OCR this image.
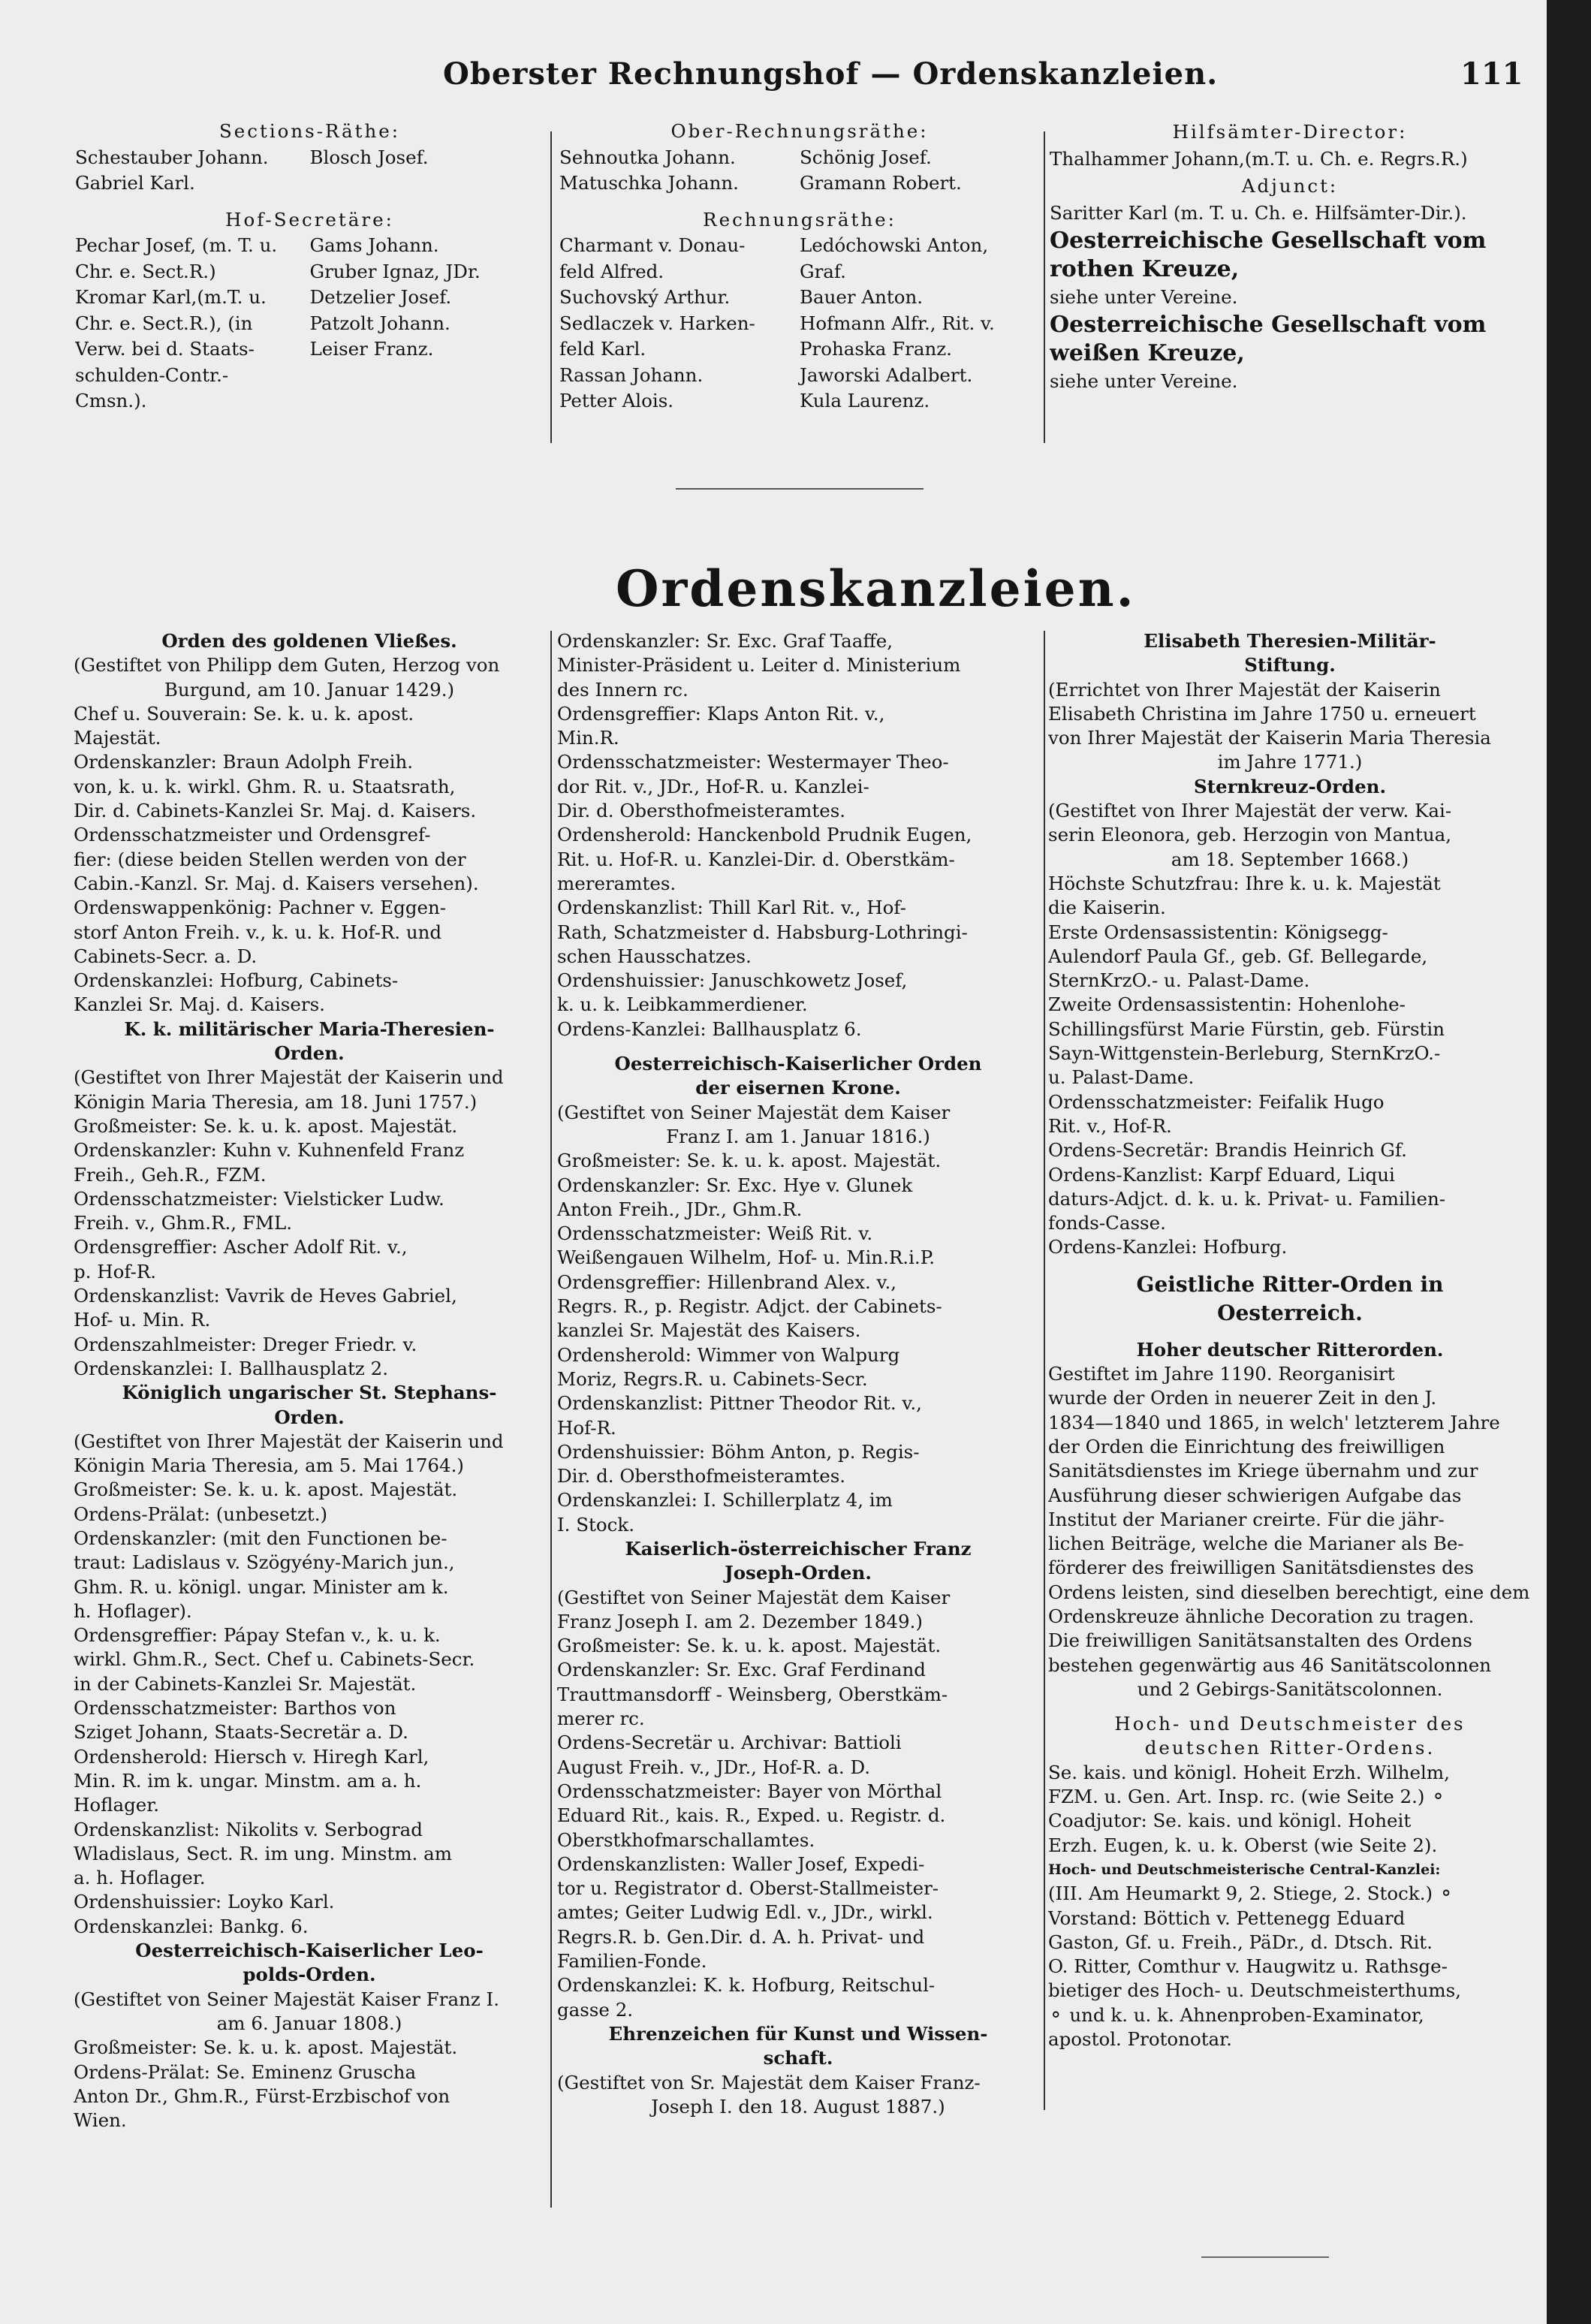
Oberster Rechnungshof — Ordenskanzleien.	111
Sections-Räthe:
Schestauber Johann.	Blosch Josef.
Gabriel Karl.
Hof-Secretäre:
Pechar Josef, (m. T. u.	Gams Johann.
Chr. e. Sect.R.)	Gruber Ignaz, JDr.
Kromar Karl,(m.T. u.	Detzelier Josef.
Chr. e. Sect.R.), (in	Patzolt Johann.
Verw. bei d. Staats-	Leiser Franz.
schulden-Contr.-
Cmsn.).
Ober-Rechnungsräthe:
Sehnoutka Johann.	Schönig Josef.
Matuschka Johann.	Gramann Robert.
Rechnungsräthe:
Charmant v. Donau-	Ledóchowski Anton,
feld Alfred.	Graf.
Suchovský Arthur.	Bauer Anton.
Sedlaczek v. Harken-	Hofmann Alfr., Rit. v.
feld Karl.	Prohaska Franz.
Rassan Johann.	Jaworski Adalbert.
Petter Alois.	Kula Laurenz.
Hilfsämter-Director:
Thalhammer Johann,(m.T. u. Ch. e. Regrs.R.)
Adjunct:
Saritter Karl (m. T. u. Ch. e. Hilfsämter-Dir.).
Oesterreichische Gesellschaft vom
rothen Kreuze,
siehe unter Vereine.
Oesterreichische Gesellschaft vom
weißen Kreuze,
siehe unter Vereine.
Ordenskanzleien.
Orden des goldenen Vließes.
(Gestiftet von Philipp dem Guten, Herzog von
Burgund, am 10. Januar 1429.)
Chef u. Souverain: Se. k. u. k. apost.
Majestät.
Ordenskanzler: Braun Adolph Freih.
von, k. u. k. wirkl. Ghm. R. u. Staatsrath,
Dir. d. Cabinets-Kanzlei Sr. Maj. d. Kaisers.
Ordensschatzmeister und Ordensgref-
fier: (diese beiden Stellen werden von der
Cabin.-Kanzl. Sr. Maj. d. Kaisers versehen).
Ordenswappenkönig: Pachner v. Eggen-
storf Anton Freih. v., k. u. k. Hof-R. und
Cabinets-Secr. a. D.
Ordenskanzlei: Hofburg, Cabinets-
Kanzlei Sr. Maj. d. Kaisers.
K. k. militärischer Maria-Theresien-
Orden.
(Gestiftet von Ihrer Majestät der Kaiserin und
Königin Maria Theresia, am 18. Juni 1757.)
Großmeister: Se. k. u. k. apost. Majestät.
Ordenskanzler: Kuhn v. Kuhnenfeld Franz
Freih., Geh.R., FZM.
Ordensschatzmeister: Vielsticker Ludw.
Freih. v., Ghm.R., FML.
Ordensgreffier: Ascher Adolf Rit. v.,
p. Hof-R.
Ordenskanzlist: Vavrik de Heves Gabriel,
Hof- u. Min. R.
Ordenszahlmeister: Dreger Friedr. v.
Ordenskanzlei: I. Ballhausplatz 2.
Königlich ungarischer St. Stephans-
Orden.
(Gestiftet von Ihrer Majestät der Kaiserin und
Königin Maria Theresia, am 5. Mai 1764.)
Großmeister: Se. k. u. k. apost. Majestät.
Ordens-Prälat: (unbesetzt.)
Ordenskanzler: (mit den Functionen be-
traut: Ladislaus v. Szögyény-Marich jun.,
Ghm. R. u. königl. ungar. Minister am k.
h. Hoflager).
Ordensgreffier: Pápay Stefan v., k. u. k.
wirkl. Ghm.R., Sect. Chef u. Cabinets-Secr.
in der Cabinets-Kanzlei Sr. Majestät.
Ordensschatzmeister: Barthos von
Sziget Johann, Staats-Secretär a. D.
Ordensherold: Hiersch v. Hiregh Karl,
Min. R. im k. ungar. Minstm. am a. h.
Hoflager.
Ordenskanzlist: Nikolits v. Serbograd
Wladislaus, Sect. R. im ung. Minstm. am
a. h. Hoflager.
Ordenshuissier: Loyko Karl.
Ordenskanzlei: Bankg. 6.
Oesterreichisch-Kaiserlicher Leo-
polds-Orden.
(Gestiftet von Seiner Majestät Kaiser Franz I.
am 6. Januar 1808.)
Großmeister: Se. k. u. k. apost. Majestät.
Ordens-Prälat: Se. Eminenz Gruscha
Anton Dr., Ghm.R., Fürst-Erzbischof von
Wien.
Ordenskanzler: Sr. Exc. Graf Taaffe,
Minister-Präsident u. Leiter d. Ministerium
des Innern rc.
Ordensgreffier: Klaps Anton Rit. v.,
Min.R.
Ordensschatzmeister: Westermayer Theo-
dor Rit. v., JDr., Hof-R. u. Kanzlei-
Dir. d. Obersthofmeisteramtes.
Ordensherold: Hanckenbold Prudnik Eugen,
Rit. u. Hof-R. u. Kanzlei-Dir. d. Oberstkäm-
mereramtes.
Ordenskanzlist: Thill Karl Rit. v., Hof-
Rath, Schatzmeister d. Habsburg-Lothringi-
schen Hausschatzes.
Ordenshuissier: Januschkowetz Josef,
k. u. k. Leibkammerdiener.
Ordens-Kanzlei: Ballhausplatz 6.
Oesterreichisch-Kaiserlicher Orden
der eisernen Krone.
(Gestiftet von Seiner Majestät dem Kaiser
Franz I. am 1. Januar 1816.)
Großmeister: Se. k. u. k. apost. Majestät.
Ordenskanzler: Sr. Exc. Hye v. Glunek
Anton Freih., JDr., Ghm.R.
Ordensschatzmeister: Weiß Rit. v.
Weißengauen Wilhelm, Hof- u. Min.R.i.P.
Ordensgreffier: Hillenbrand Alex. v.,
Regrs. R., p. Registr. Adjct. der Cabinets-
kanzlei Sr. Majestät des Kaisers.
Ordensherold: Wimmer von Walpurg
Moriz, Regrs.R. u. Cabinets-Secr.
Ordenskanzlist: Pittner Theodor Rit. v.,
Hof-R.
Ordenshuissier: Böhm Anton, p. Regis-
Dir. d. Obersthofmeisteramtes.
Ordenskanzlei: I. Schillerplatz 4, im
I. Stock.
Kaiserlich-österreichischer Franz
Joseph-Orden.
(Gestiftet von Seiner Majestät dem Kaiser
Franz Joseph I. am 2. Dezember 1849.)
Großmeister: Se. k. u. k. apost. Majestät.
Ordenskanzler: Sr. Exc. Graf Ferdinand
Trauttmansdorff - Weinsberg, Oberstkäm-
merer rc.
Ordens-Secretär u. Archivar: Battioli
August Freih. v., JDr., Hof-R. a. D.
Ordensschatzmeister: Bayer von Mörthal
Eduard Rit., kais. R., Exped. u. Registr. d.
Oberstkhofmarschallamtes.
Ordenskanzlisten: Waller Josef, Expedi-
tor u. Registrator d. Oberst-Stallmeister-
amtes; Geiter Ludwig Edl. v., JDr., wirkl.
Regrs.R. b. Gen.Dir. d. A. h. Privat- und
Familien-Fonde.
Ordenskanzlei: K. k. Hofburg, Reitschul-
gasse 2.
Ehrenzeichen für Kunst und Wissen-
schaft.
(Gestiftet von Sr. Majestät dem Kaiser Franz-
Joseph I. den 18. August 1887.)
Elisabeth Theresien-Militär-
Stiftung.
(Errichtet von Ihrer Majestät der Kaiserin
Elisabeth Christina im Jahre 1750 u. erneuert
von Ihrer Majestät der Kaiserin Maria Theresia
im Jahre 1771.)
Sternkreuz-Orden.
(Gestiftet von Ihrer Majestät der verw. Kai-
serin Eleonora, geb. Herzogin von Mantua,
am 18. September 1668.)
Höchste Schutzfrau: Ihre k. u. k. Majestät
die Kaiserin.
Erste Ordensassistentin: Königsegg-
Aulendorf Paula Gf., geb. Gf. Bellegarde,
SternKrzO.- u. Palast-Dame.
Zweite Ordensassistentin: Hohenlohe-
Schillingsfürst Marie Fürstin, geb. Fürstin
Sayn-Wittgenstein-Berleburg, SternKrzO.-
u. Palast-Dame.
Ordensschatzmeister: Feifalik Hugo
Rit. v., Hof-R.
Ordens-Secretär: Brandis Heinrich Gf.
Ordens-Kanzlist: Karpf Eduard, Liqui
daturs-Adjct. d. k. u. k. Privat- u. Familien-
fonds-Casse.
Ordens-Kanzlei: Hofburg.
Geistliche Ritter-Orden in
Oesterreich.
Hoher deutscher Ritterorden.
Gestiftet im Jahre 1190. Reorganisirt
wurde der Orden in neuerer Zeit in den J.
1834—1840 und 1865, in welch' letzterem Jahre
der Orden die Einrichtung des freiwilligen
Sanitätsdienstes im Kriege übernahm und zur
Ausführung dieser schwierigen Aufgabe das
Institut der Marianer creirte. Für die jähr-
lichen Beiträge, welche die Marianer als Be-
förderer des freiwilligen Sanitätsdienstes des
Ordens leisten, sind dieselben berechtigt, eine dem
Ordenskreuze ähnliche Decoration zu tragen.
Die freiwilligen Sanitätsanstalten des Ordens
bestehen gegenwärtig aus 46 Sanitätscolonnen
und 2 Gebirgs-Sanitätscolonnen.
Hoch- und Deutschmeister des
deutschen Ritter-Ordens.
Se. kais. und königl. Hoheit Erzh. Wilhelm,
FZM. u. Gen. Art. Insp. rc. (wie Seite 2.) ⚬
Coadjutor: Se. kais. und königl. Hoheit
Erzh. Eugen, k. u. k. Oberst (wie Seite 2).
Hoch- und Deutschmeisterische Central-Kanzlei:
(III. Am Heumarkt 9, 2. Stiege, 2. Stock.) ⚬
Vorstand: Böttich v. Pettenegg Eduard
Gaston, Gf. u. Freih., PäDr., d. Dtsch. Rit.
O. Ritter, Comthur v. Haugwitz u. Rathsge-
bietiger des Hoch- u. Deutschmeisterthums,
⚬ und k. u. k. Ahnenproben-Examinator,
apostol. Protonotar.
